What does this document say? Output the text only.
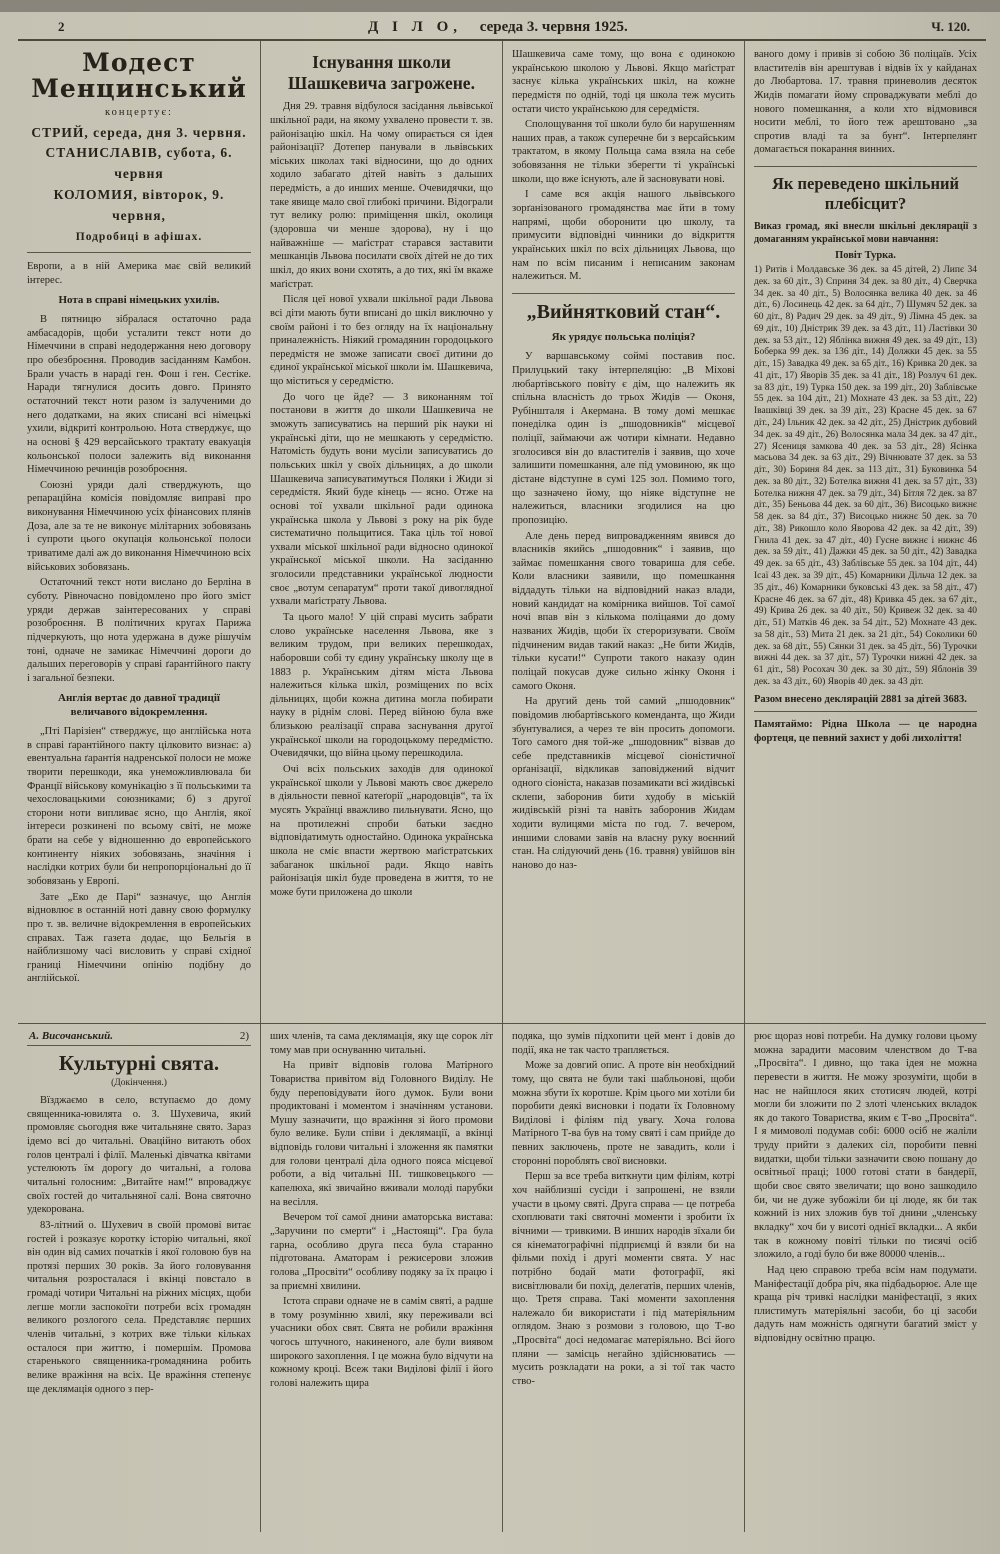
2	Д І Л О, середа 3. червня 1925.	Ч. 120.
Модест Менцинський
концертує:
СТРИЙ, середа, дня 3. червня.
СТАНИСЛАВІВ, субота, 6. червня
КОЛОМИЯ, вівторок, 9. червня,
Подробиці в афішах.

Европи, а в ній Америка має свій великий інтерес.

Нота в справі німецьких ухилів.

В пятницю зібралася остаточно рада амбасадорів, щоби усталити текст ноти до Німеччини в справі недодержання нею договору про обезброєння. Проводив засіданням Камбон. Брали участь в нараді ген. Фош і ген. Сестіке. Наради тягнулися досить довго. Принято остаточний текст ноти разом із залученими до него додатками, на яких списані всі німецькі ухили, відкриті контрольою. Нота стверджує, що на основі § 429 версайського трактату евакуація кольонської полоси залежить від виконання Німеччиною речинців розоброєння.

Союзні уряди далі стверджують, що репараційна комісія повідомляє виправі про виконування Німеччиною усіх фінансових плянів Доза, але за те не виконує мілітарних зобовязань і супроти цього окупація кольонської полоси триватиме далі аж до виконання Німеччиною всіх військових зобовязань.

Остаточний текст ноти вислано до Берліна в суботу. Рівночасно повідомлено про його зміст уряди держав заінтересованих у справі розоброєння. В політичних кругах Парижа підчеркують, що нота удержана в дуже рішучім тоні, одначе не замикає Німеччині дороги до дальших переговорів у справі ґарантійного пакту і загальної безпеки.

Англія вертає до давної традиції величавого відокремлення.

„Пті Парізіен“ стверджує, що англійська нота в справі ґарантійного пакту цілковито визнає: а) евентуальна ґарантія надренської полоси не може творити перешкоди, яка унеможливлювала би Франції військову комунікацію з її польськими та чехословацькими союзниками; б) з другої сторони ноти випливає ясно, що Англія, якої інтереси розкинені по всьому світі, не може брати на себе у відношенню до европейського континенту ніяких зобовязань, значіння і наслідки котрих були би непропорціональні до її зобовязань у Европі.

Зате „Еко де Парі“ зазначує, що Англія відновлює в останній ноті давну свою формулку про т. зв. величне відокремлення в европейських справах. Таж газета додає, що Бельгія в найблизшому часі висловить у справі східної границі Німеччини опінію подібну до англійської.

Існування школи Шашкевича загрожене.

Дня 29. травня відбулося засідання львівської шкільної ради, на якому ухвалено провести т. зв. районізацію шкіл. На чому опирається ся ідея районізації? Дотепер панували в львівських міських школах такі відносини, що до одних ходило забагато дітей навіть з дальших передмість, а до инших менше. Очевидячки, що таке явище мало свої глибокі причини. Відограли тут велику ролю: приміщення шкіл, околиця (здоровша чи менше здорова), ну і що найважніше — маґістрат старався заставити мешканців Львова посилати своїх дітей не до тих шкіл, до яких вони схотять, а до тих, які їм вкаже маґістрат.

Після цеї нової ухвали шкільної ради Львова всі діти мають бути вписані до шкіл виключно у своїм районі і то без огляду на їх національну приналежність. Ніякий громадянин городоцького передмістя не зможе записати своєї дитини до єдиної української міської школи ім. Шашкевича, що міститься у середмістю.

До чого це йде? — З виконанням тої постанови в життя до школи Шашкевича не зможуть записуватись на перший рік науки ні українські діти, що не мешкають у середмістю. Натомість будуть вони мусіли записуватись до польських шкіл у своїх дільницях, а до школи Шашкевича записуватимуться Поляки і Жиди зі середмістя. Який буде кінець — ясно. Отже на основі тої ухвали шкільної ради одинока українська школа у Львові з року на рік буде систематично польщитися. Така ціль тої нової ухвали міської шкільної ради відносно одинокої української міської школи. На засіданню зголосили представники української людности своє „вотум сепаратум“ проти такої дивоглядної ухвали маґістрату Львова.

Та цього мало! У цій справі мусить забрати слово українське населення Львова, яке з великим трудом, при великих перешкодах, наборовши собі ту єдину українську школу ще в 1883 р. Українським дітям міста Львова належиться кілька шкіл, розміщених по всіх дільницях, щоби кожна дитина могла побирати науку в ріднім слові. Перед війною була вже близькою реалізації справа заснування другої української школи на городоцькому передмістю. Очевидячки, що війна цьому перешкодила.

Очі всіх польських заходів для одинокої української школи у Львові мають своє джерело в діяльности певної катеґорії „народовців“, та їх мусять Українці вважливо пильнувати. Ясно, що на протилежні спроби батьки заєдно відповідатимуть одностайно. Одинока українська школа не сміє впасти жертвою маґістратських забаганок шкільної ради. Якщо навіть районізація шкіл буде проведена в життя, то не може бути приложена до школи

Шашкевича саме тому, що вона є одинокою українською школою у Львові. Якщо маґістрат заснує кілька українських шкіл, на кожне передмістя по одній, тоді ця школа теж мусить остати чисто українською для середмістя.

Сполощування тої школи було би нарушенням наших прав, а також суперечне би з версайським трактатом, в якому Польща сама взяла на себе зобовязання не тільки зберегти ті українські школи, що вже існують, але й засновувати нові.

І саме вся акція нашого львівського зорґанізованого громадянства має йти в тому напрямі, щоби оборонити цю школу, та примусити відповідні чинники до відкриття українських шкіл по всіх дільницях Львова, що нам по всім писаним і неписаним законам належиться. М.

„Вийнятковий стан“.
Як урядує польська поліція?

У варшавському соймі поставив пос. Прилуцький таку інтерпеляцію: „В Міхові любартівського повіту є дім, що належить як спільна власність до трьох Жидів — Оконя, Рубіншталя і Акермана. В тому домі мешкає понеділка один із „пшодовників“ місцевої поліції, займаючи аж чотири кімнати. Недавно зголосився він до властителів і заявив, що хоче залишити помешкання, але під умовиною, як що дістане відступне в сумі 125 зол. Помимо того, що зазначено йому, що ніяке відступне не належиться, власники згодилися на цю пропозицію.

Але день перед випровадженням явився до власників якийсь „пшодовник“ і заявив, що займає помешкання свого товариша для себе. Коли власники заявили, що помешкання віддадуть тільки на відповідний наказ влади, новий кандидат на комірника вийшов. Тої самої ночі впав він з кількома поліцаями до дому названих Жидів, щоби їх стероризувати. Своїм підчиненим видав такий наказ: „Не бити Жидів, тільки кусати!“ Супроти такого наказу один поліцай покусав дуже сильно жінку Оконя і самого Оконя.

На другий день той самий „пшодовник“ повідомив любартівського коменданта, що Жиди збунтувалися, а через те він просить допомоги. Того самого дня той-же „пшодовник“ візвав до себе представників місцевої сіоністичної орґанізації, відкликав заповіджений відчит одного сіоніста, наказав позамикати всі жидівські склепи, заборонив бити худобу в міській жидівській різні та навіть заборонив Жидам ходити вулицями міста по год. 7. вечером, иншими словами завів на власну руку воєнний стан. На слідуючий день (16. травня) увійшов він наново до наз-

ваного дому і привів зі собою 36 поліцаїв. Усіх властителів він арештував і відвів їх у кайданах до Любартова. 17. травня приневолив десяток Жидів помагати йому спроваджувати меблі до нового помешкання, а коли хто відмовився носити меблі, то його теж арештовано „за спротив владі та за бунт“. Інтерпелянт домагається покарання винних.

Як переведено шкільний плебісцит?

Виказ громад, які внесли шкільні деклярації з домаганням української мови навчання:

Повіт Турка.

1) Ритів і Молдавське 36 дек. за 45 дітей, 2) Липє 34 дек. за 60 діт., 3) Сприня 34 дек. за 80 діт., 4) Сверчка 34 дек. за 40 діт., 5) Волосянка велика 40 дек. за 46 діт., 6) Лосинець 42 дек. за 64 діт., 7) Шумяч 52 дек. за 60 діт., 8) Радич 29 дек. за 49 діт., 9) Лімна 45 дек. за 69 діт., 10) Дністрик 39 дек. за 43 діт., 11) Ластівки 30 дек. за 53 діт., 12) Яблінка вижня 49 дек. за 49 діт., 13) Боберка 99 дек. за 136 діт., 14) Должки 45 дек. за 55 діт., 15) Завадка 49 дек. за 65 діт., 16) Кривка 20 дек. за 41 діт., 17) Яворів 35 дек. за 41 діт., 18) Розлуч 61 дек. за 83 діт., 19) Турка 150 дек. за 199 діт., 20) Заблівське 55 дек. за 104 діт., 21) Мохнате 43 дек. за 53 діт., 22) Івашківці 39 дек. за 39 діт., 23) Красне 45 дек. за 67 діт., 24) Ільник 42 дек. за 42 діт., 25) Дністрик дубовий 34 дек. за 49 діт., 26) Волосянка мала 34 дек. за 47 діт., 27) Ясениця замкова 40 дек. за 53 діт., 28) Ясінка масьова 34 дек. за 63 діт., 29) Вічнювате 37 дек. за 53 діт., 30) Бориня 84 дек. за 113 діт., 31) Буковинка 54 дек. за 80 діт., 32) Ботелка вижня 41 дек. за 57 діт., 33) Ботелка нижня 47 дек. за 79 діт., 34) Бітля 72 дек. за 87 діт., 35) Беньова 44 дек. за 60 діт., 36) Висоцько вижнє 58 дек. за 84 діт., 37) Висоцько нижнє 50 дек. за 70 діт., 38) Рикошло коло Яворова 42 дек. за 42 діт., 39) Гнила 41 дек. за 47 діт., 40) Гусне вижнє і нижнє 46 дек. за 59 діт., 41) Дажки 45 дек. за 50 діт., 42) Завадка 49 дек. за 65 діт., 43) Заблівське 55 дек. за 104 діт., 44) Ісаї 43 дек. за 39 діт., 45) Комарники Дільча 12 дек. за 35 діт., 46) Комарники буковські 43 дек. за 58 діт., 47) Красне 46 дек. за 67 діт., 48) Кривка 45 дек. за 67 діт., 49) Крива 26 дек. за 40 діт., 50) Кривеж 32 дек. за 40 діт., 51) Матків 46 дек. за 54 діт., 52) Мохнате 43 дек. за 58 діт., 53) Мита 21 дек. за 21 діт., 54) Соколики 60 дек. за 68 діт., 55) Сянки 31 дек. за 45 діт., 56) Турочки вижні 44 дек. за 37 діт., 57) Турочки нижні 42 дек. за 61 діт., 58) Росохач 30 дек. за 30 діт., 59) Яблонів 39 дек. за 43 діт., 60) Яворів 40 дек. за 43 діт.

Разом внесено деклярацій 2881 за дітей 3683.

Памятаймо: Рідна Школа — це народна фортеця, це певний захист у добі лихоліття!

А. Височанський.	2)
Культурні свята.
(Докінчення.)

Вїзджаємо в село, вступаємо до дому священника-ювилята о. З. Шухевича, який промовляє сьогодня вже читальняне свято. Зараз ідемо всі до читальні. Оваційно витають обох голов централі і філії. Маленькі дівчатка квітами устелюють їм дорогу до читальні, а голова читальні голосним: „Витайте нам!“ впроваджує своїх гостей до читальняної салі. Вона святочно удекорована.

83-літний о. Шухевич в своїй промові витає гостей і розказує коротку історію читальні, якої він один від самих початків і якої головою був на протязі перших 30 років. За його головування читальня розросталася і вкінці повстало в громаді чотири Читальні на ріжних місцях, щоби легше могли заспокоїти потреби всіх громадян великого розлогого села. Представляє перших членів читальні, з котрих вже тільки кільках осталося при життю, і помершім. Промова старенького священника-громадянина робить велике вражіння на всіх. Це вражіння степенує ще деклямація одного з пер-

ших членів, та сама деклямація, яку ще сорок літ тому мав при оснуванню читальні.

На привіт відповів голова Матірного Товариства привітом від Головного Виділу. Не буду переповідувати його думок. Були вони продиктовані і моментом і значінням установи. Мушу зазначити, що вражіння зі його промови було велике. Були співи і деклямації, а вкінці відповідь голови читальні і зложення як памятки для голови централі діла одного пояса місцевої роботи, а від читальні III. тишковецького — капелюха, які звичайно вживали молоді парубки на весілля.

Вечером тої самої днини аматорська вистава: „Заручини по смерти“ і „Настоящі“. Гра була гарна, особливо друга пєса була старанно підготована. Аматорам і режисерови зложив голова „Просвіти“ особливу подяку за їх працю і за приємні хвилини.

Істота справи одначе не в самім святі, а радше в тому розумінню хвилі, яку переживали всі учасники обох свят. Свята не робили вражіння чогось штучного, накиненого, але були виявом широкого захоплення. І це можна було відчути на кожному кроці. Всеж таки Виділові філії і його голові належить щира

подяка, що зумів підхопити цей мент і довів до події, яка не так часто трапляється.

Може за довгий опис. А проте він необхідний тому, що свята не були такі шабльонові, щоби можна збути їх коротше. Крім цього ми хотіли би поробити деякі висновки і подати їх Головному Виділові і філіям під увагу. Хоча голова Матірного Т-ва був на тому святі і сам прийде до певних заключень, проте не завадить, коли і сторонні пороблять свої висновки.

Перш за все треба виткнути цим філіям, котрі хоч найблизші сусіди і запрошені, не взяли участи в цьому святі. Друга справа — це потреба схоплювати такі святочні моменти і зробити їх вічними — тривкими. В инших народів зїхали би ся кінематографічні підприємці й взяли би на фільми похід і другі моменти свята. У нас потрібно бодай мати фотографії, які висвітлювали би похід, делегатів, перших членів, що. Третя справа. Такі моменти захоплення належало би використати і під матеріяльним оглядом. Знаю з розмови з головою, що Т-во „Просвіта“ досі недомагає матеріяльно. Всі його пляни — замісць негайно здійснюватись — мусить розкладати на роки, а зі тої так часто ство-

рює щораз нові потреби. На думку голови цьому можна зарадити масовим членством до Т-ва „Просвіта“. І дивно, що така ідея не можна перевести в життя. Не можу зрозуміти, щоби в нас не найшлося яких стотисяч людей, котрі могли би зложити по 2 злоті членських вкладок як до такого Товариства, яким є Т-во „Просвіта“. І я мимоволі подумав собі: 6000 осіб не жаліли труду прийти з далеких сіл, поробити певні видатки, щоби тільки зазначити свою пошану до освітньої праці; 1000 готові стати в бандерії, щоби своє свято звеличати; що воно зашкодило би, чи не дуже зубожіли би ці люде, як би так кожний із них зложив був тої днини „членську вкладку“ хоч би у висоті однієї вкладки... А якби так в кожному повіті тільки по тисячі осіб зложило, а годі було би вже 80000 членів...

Над цею справою треба всім нам подумати. Маніфестації добра річ, яка підбадьорює. Але ще краща річ тривкі наслідки маніфестації, з яких плистимуть матеріяльні засоби, бо ці засоби дадуть нам можність одягнути багатий зміст у відповідну освітню працю.
